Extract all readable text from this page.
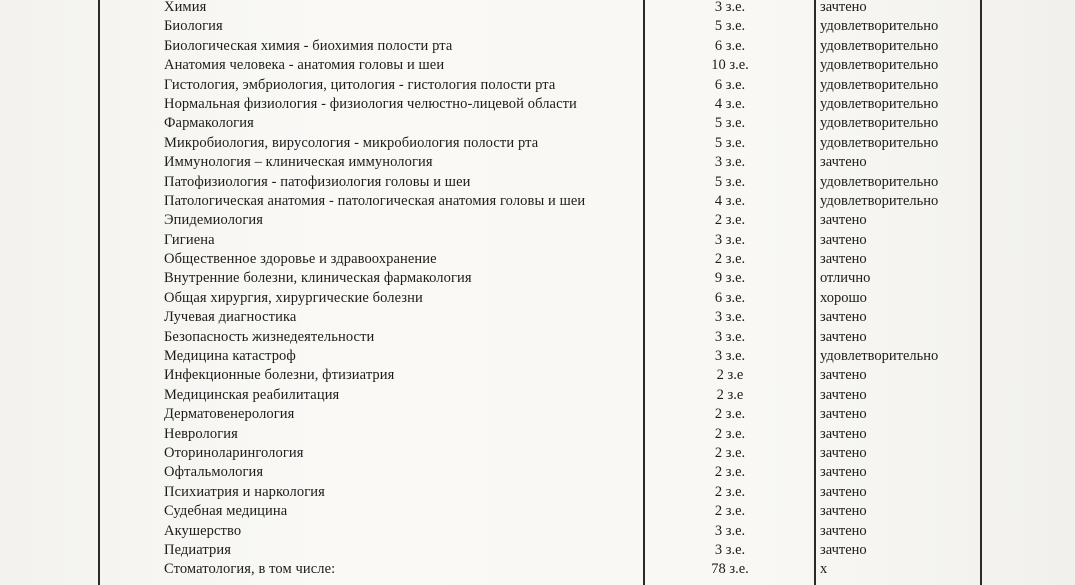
Химия	3 з.е.	зачтено
Биология	5 з.е.	удовлетворительно
Биологическая химия - биохимия полости рта	6 з.е.	удовлетворительно
Анатомия человека - анатомия головы и шеи	10 з.е.	удовлетворительно
Гистология, эмбриология, цитология - гистология полости рта	6 з.е.	удовлетворительно
Нормальная физиология - физиология челюстно-лицевой области	4 з.е.	удовлетворительно
Фармакология	5 з.е.	удовлетворительно
Микробиология, вирусология - микробиология полости рта	5 з.е.	удовлетворительно
Иммунология – клиническая иммунология	3 з.е.	зачтено
Патофизиология - патофизиология головы и шеи	5 з.е.	удовлетворительно
Патологическая анатомия - патологическая анатомия головы и шеи	4 з.е.	удовлетворительно
Эпидемиология	2 з.е.	зачтено
Гигиена	3 з.е.	зачтено
Общественное здоровье и здравоохранение	2 з.е.	зачтено
Внутренние болезни, клиническая фармакология	9 з.е.	отлично
Общая хирургия, хирургические болезни	6 з.е.	хорошо
Лучевая диагностика	3 з.е.	зачтено
Безопасность жизнедеятельности	3 з.е.	зачтено
Медицина катастроф	3 з.е.	удовлетворительно
Инфекционные болезни, фтизиатрия	2 з.е	зачтено
Медицинская реабилитация	2 з.е	зачтено
Дерматовенерология	2 з.е.	зачтено
Неврология	2 з.е.	зачтено
Оториноларингология	2 з.е.	зачтено
Офтальмология	2 з.е.	зачтено
Психиатрия и наркология	2 з.е.	зачтено
Судебная медицина	2 з.е.	зачтено
Акушерство	3 з.е.	зачтено
Педиатрия	3 з.е.	зачтено
Стоматология, в том числе:	78 з.е.	х
